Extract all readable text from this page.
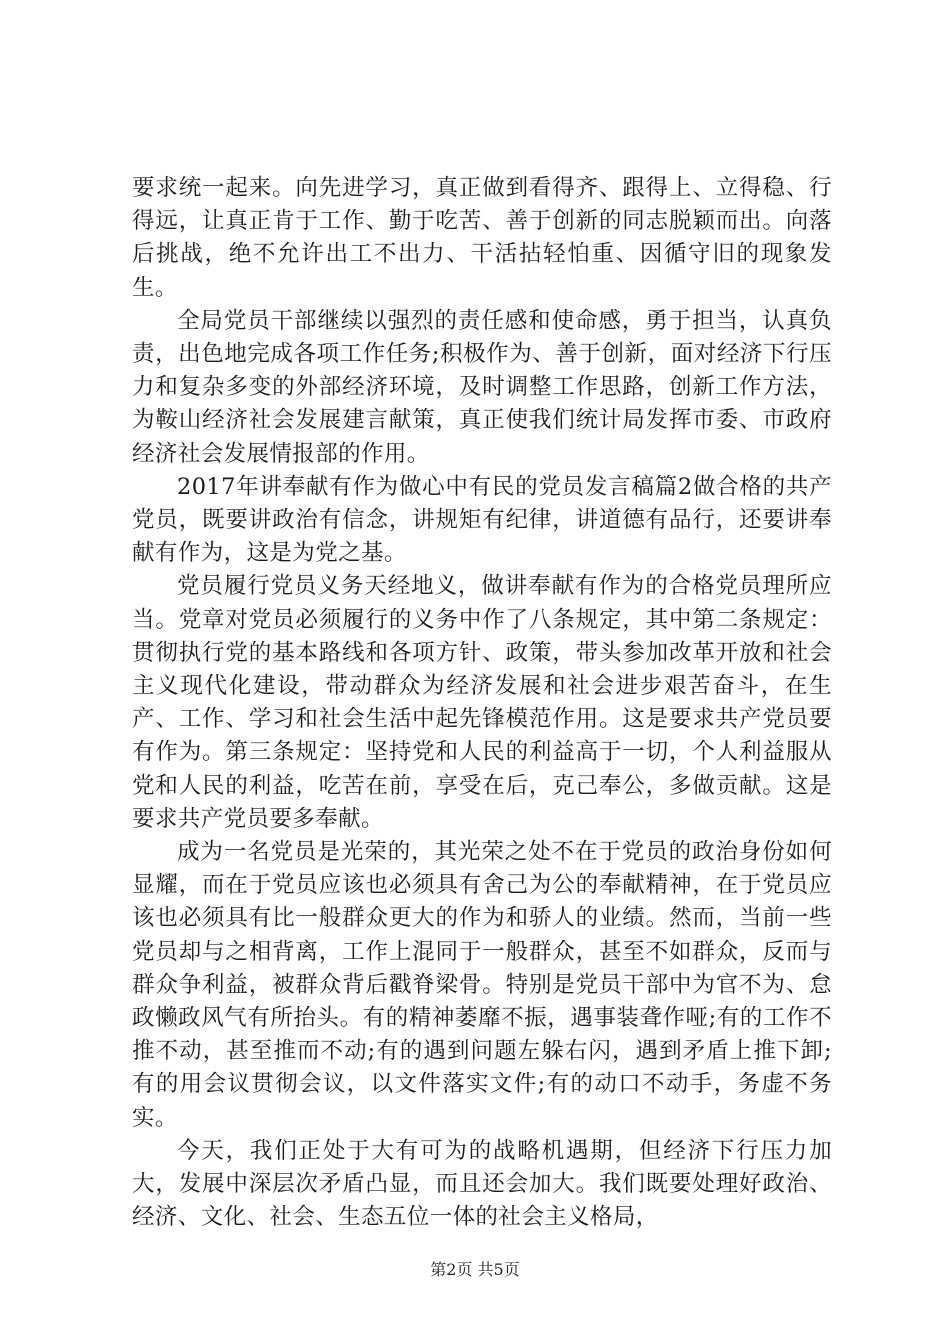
要求统一起来。向先进学习，真正做到看得齐、跟得上、立得稳、行得远，让真正肯于工作、勤于吃苦、善于创新的同志脱颖而出。向落后挑战，绝不允许出工不出力、干活拈轻怕重、因循守旧的现象发生。

全局党员干部继续以强烈的责任感和使命感，勇于担当，认真负责，出色地完成各项工作任务;积极作为、善于创新，面对经济下行压力和复杂多变的外部经济环境，及时调整工作思路，创新工作方法，为鞍山经济社会发展建言献策，真正使我们统计局发挥市委、市政府经济社会发展情报部的作用。

2017年讲奉献有作为做心中有民的党员发言稿篇2做合格的共产党员，既要讲政治有信念，讲规矩有纪律，讲道德有品行，还要讲奉献有作为，这是为党之基。

党员履行党员义务天经地义，做讲奉献有作为的合格党员理所应当。党章对党员必须履行的义务中作了八条规定，其中第二条规定：贯彻执行党的基本路线和各项方针、政策，带头参加改革开放和社会主义现代化建设，带动群众为经济发展和社会进步艰苦奋斗，在生产、工作、学习和社会生活中起先锋模范作用。这是要求共产党员要有作为。第三条规定：坚持党和人民的利益高于一切，个人利益服从党和人民的利益，吃苦在前，享受在后，克己奉公，多做贡献。这是要求共产党员要多奉献。

成为一名党员是光荣的，其光荣之处不在于党员的政治身份如何显耀，而在于党员应该也必须具有舍己为公的奉献精神，在于党员应该也必须具有比一般群众更大的作为和骄人的业绩。然而，当前一些党员却与之相背离，工作上混同于一般群众，甚至不如群众，反而与群众争利益，被群众背后戳脊梁骨。特别是党员干部中为官不为、怠政懒政风气有所抬头。有的精神萎靡不振，遇事装聋作哑;有的工作不推不动，甚至推而不动;有的遇到问题左躲右闪，遇到矛盾上推下卸;有的用会议贯彻会议，以文件落实文件;有的动口不动手，务虚不务实。

今天，我们正处于大有可为的战略机遇期，但经济下行压力加大，发展中深层次矛盾凸显，而且还会加大。我们既要处理好政治、经济、文化、社会、生态五位一体的社会主义格局，

第2页 共5页
